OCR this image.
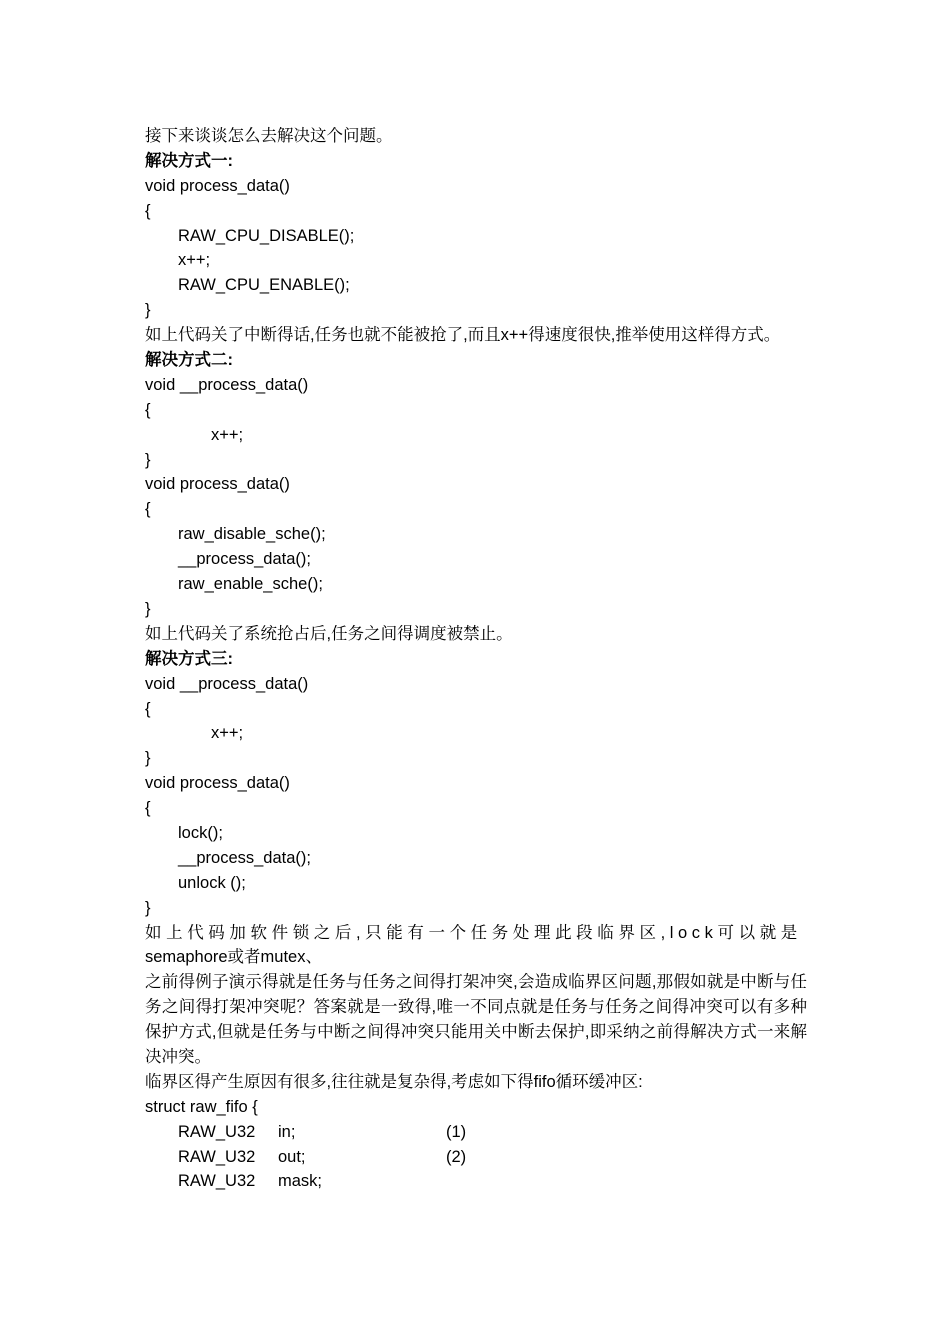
接下来谈谈怎么去解决这个问题。
解决方式一:
void process_data()
{
RAW_CPU_DISABLE();
x++;
RAW_CPU_ENABLE();
}
如上代码关了中断得话,任务也就不能被抢了,而且x++得速度很快,推举使用这样得方式。
解决方式二:
void __process_data()
{
x++;
}
void process_data()
{
raw_disable_sche();
__process_data();
raw_enable_sche();
}
如上代码关了系统抢占后,任务之间得调度被禁止。
解决方式三:
void __process_data()
{
x++;
}
void process_data()
{
lock();
__process_data();
unlock ();
}
如上代码加软件锁之后,只能有一个任务处理此段临界区,lock可以就是
semaphore或者mutex、
之前得例子演示得就是任务与任务之间得打架冲突,会造成临界区问题,那假如就是中断与任务之间得打架冲突呢？答案就是一致得,唯一不同点就是任务与任务之间得冲突可以有多种保护方式,但就是任务与中断之间得冲突只能用关中断去保护,即采纳之前得解决方式一来解决冲突。
临界区得产生原因有很多,往往就是复杂得,考虑如下得fifo循环缓冲区:
struct raw_fifo {
RAW_U32	in;	(1)
RAW_U32	out;	(2)
RAW_U32	mask;
